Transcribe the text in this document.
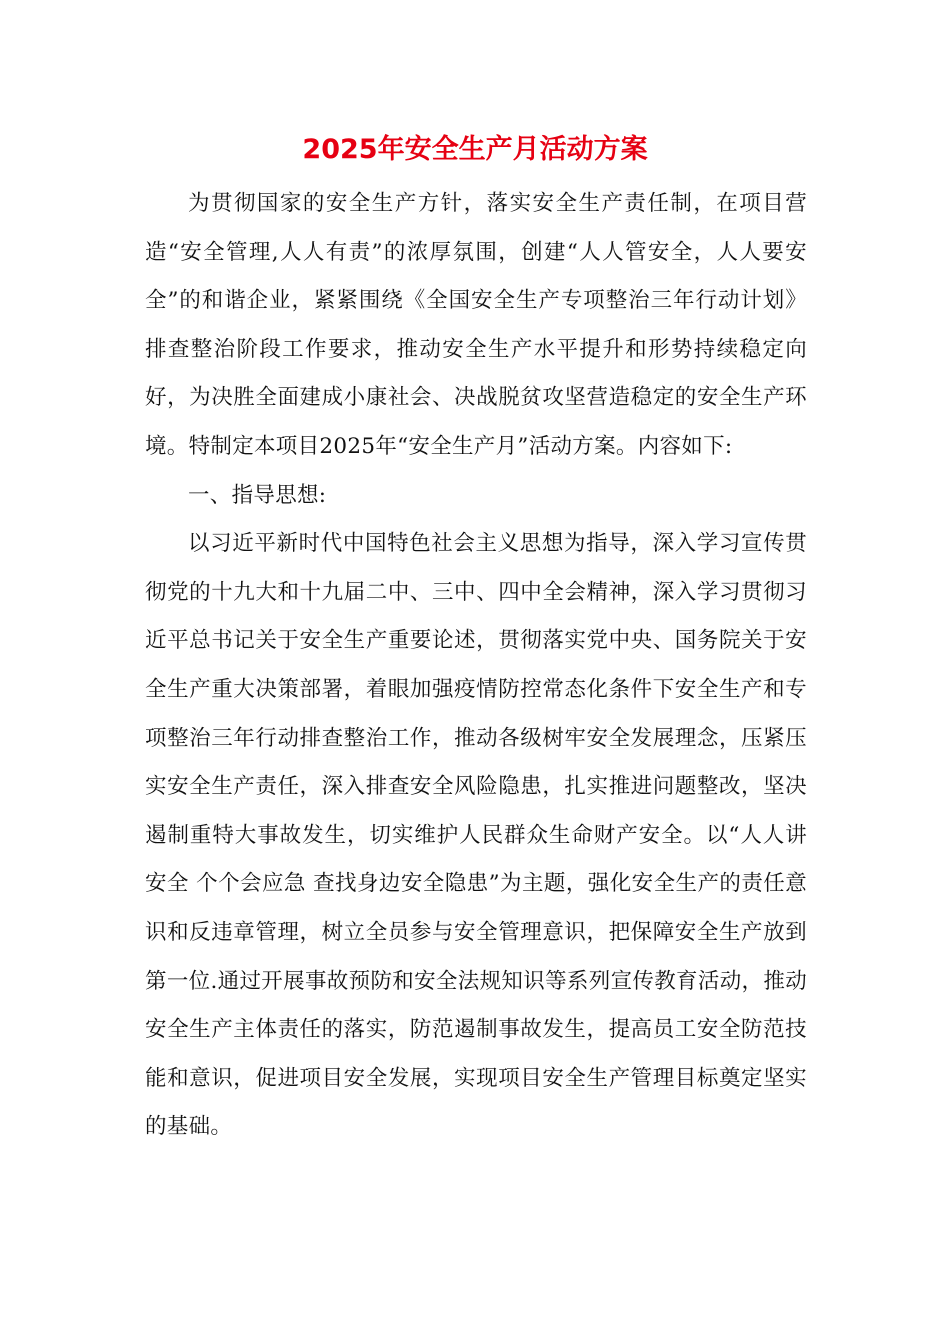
2025年安全生产月活动方案

为贯彻国家的安全生产方针，落实安全生产责任制，在项目营造“安全管理,人人有责”的浓厚氛围，创建“人人管安全，人人要安全”的和谐企业，紧紧围绕《全国安全生产专项整治三年行动计划》排查整治阶段工作要求，推动安全生产水平提升和形势持续稳定向好，为决胜全面建成小康社会、决战脱贫攻坚营造稳定的安全生产环境。特制定本项目2025年“安全生产月”活动方案。内容如下:

一、指导思想:

以习近平新时代中国特色社会主义思想为指导，深入学习宣传贯彻党的十九大和十九届二中、三中、四中全会精神，深入学习贯彻习近平总书记关于安全生产重要论述，贯彻落实党中央、国务院关于安全生产重大决策部署，着眼加强疫情防控常态化条件下安全生产和专项整治三年行动排查整治工作，推动各级树牢安全发展理念，压紧压实安全生产责任，深入排查安全风险隐患，扎实推进问题整改，坚决遏制重特大事故发生，切实维护人民群众生命财产安全。以“人人讲安全 个个会应急 查找身边安全隐患”为主题，强化安全生产的责任意识和反违章管理，树立全员参与安全管理意识，把保障安全生产放到第一位.通过开展事故预防和安全法规知识等系列宣传教育活动，推动安全生产主体责任的落实，防范遏制事故发生，提高员工安全防范技能和意识，促进项目安全发展，实现项目安全生产管理目标奠定坚实的基础。
